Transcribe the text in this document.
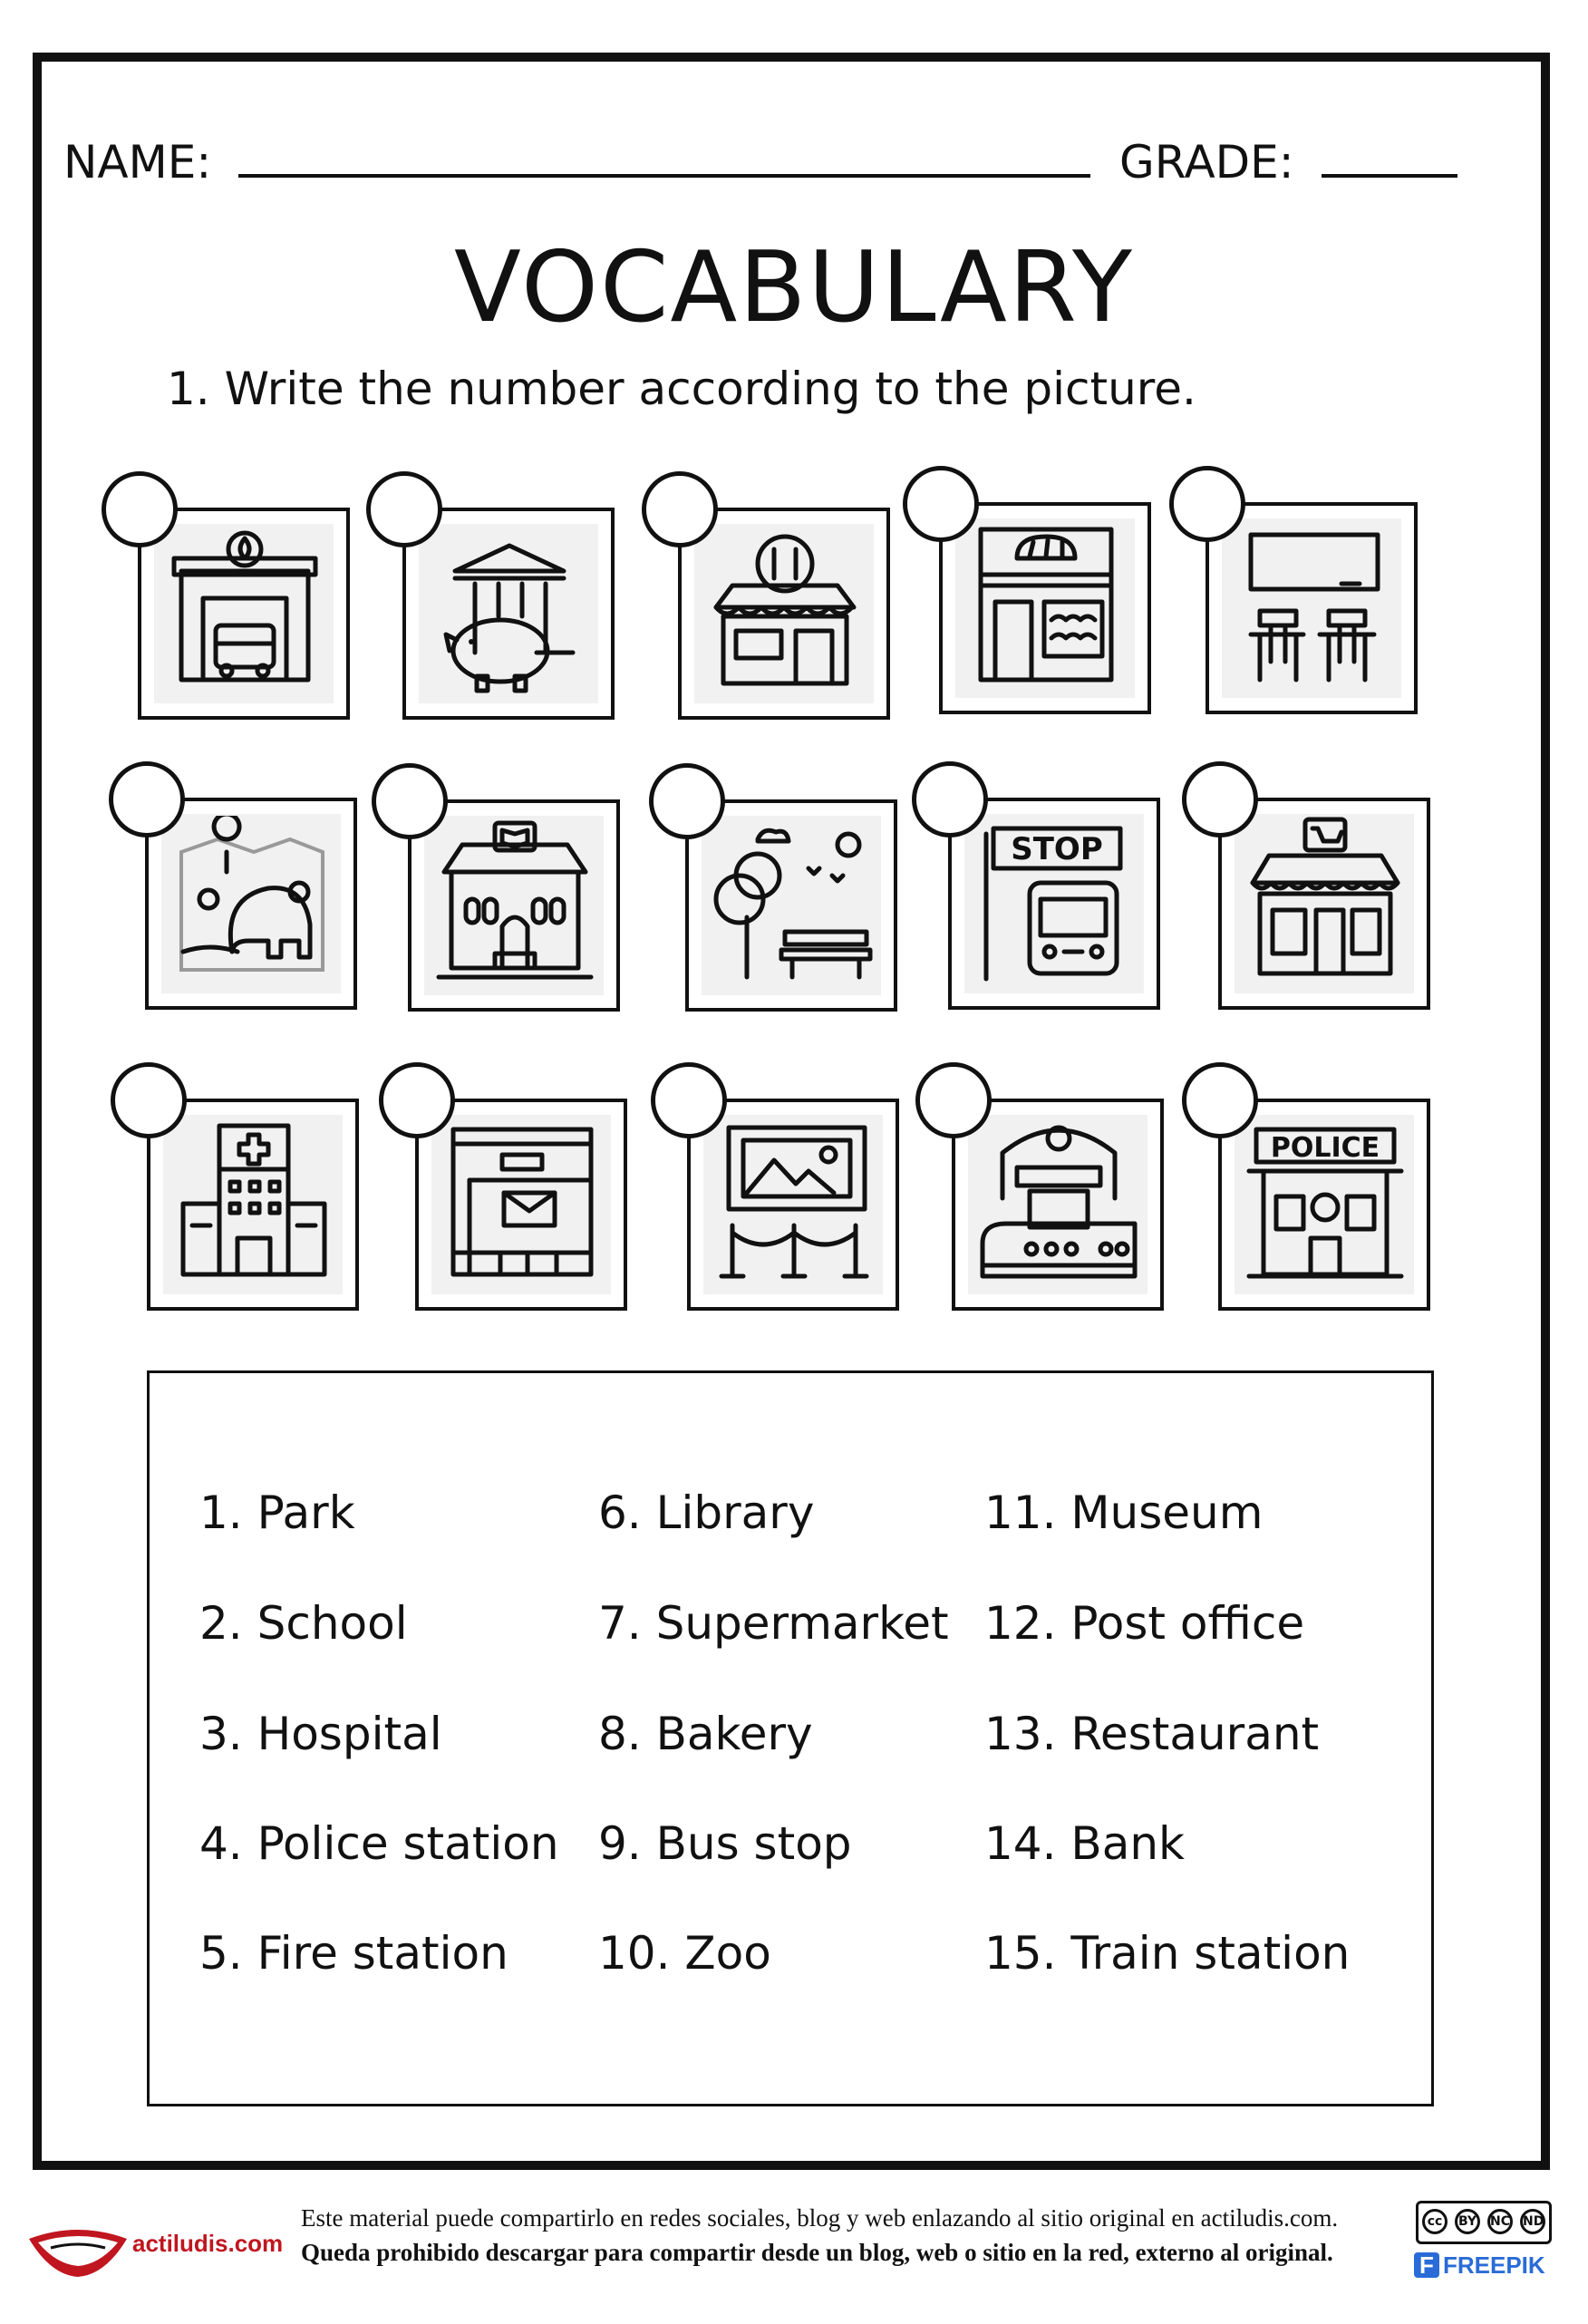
NAME:	GRADE:
VOCABULARY
1. Write the number according to the picture.
STOP
POLICE
1. Park
2. School
3. Hospital
4. Police station
5. Fire station
6. Library
7. Supermarket
8. Bakery
9. Bus stop
10. Zoo
11. Museum
12. Post office
13. Restaurant
14. Bank
15. Train station
actiludis.com
Este material puede compartirlo en redes sociales, blog y web enlazando al sitio original en actiludis.com.
Queda prohibido descargar para compartir desde un blog, web o sitio en la red, externo al original.
cc	BY NC ND
F FREEPIK
